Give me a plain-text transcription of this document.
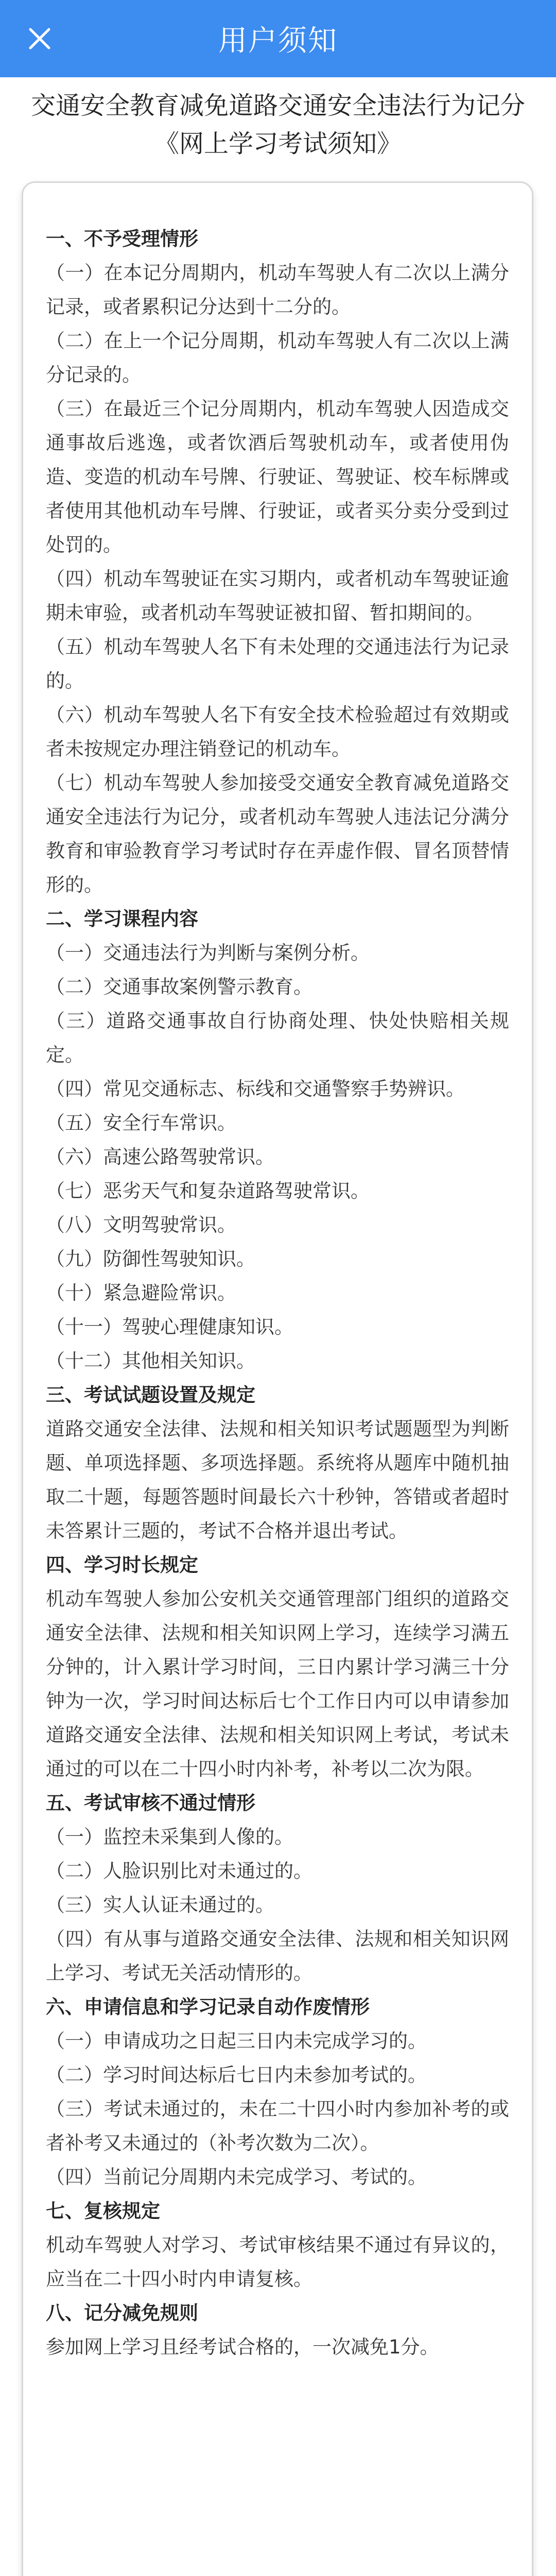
用户须知
交通安全教育减免道路交通安全违法行为记分
《网上学习考试须知》
一、不予受理情形
（一）在本记分周期内，机动车驾驶人有二次以上满分记录，或者累积记分达到十二分的。
（二）在上一个记分周期，机动车驾驶人有二次以上满分记录的。
（三）在最近三个记分周期内，机动车驾驶人因造成交通事故后逃逸，或者饮酒后驾驶机动车，或者使用伪造、变造的机动车号牌、行驶证、驾驶证、校车标牌或者使用其他机动车号牌、行驶证，或者买分卖分受到过处罚的。
（四）机动车驾驶证在实习期内，或者机动车驾驶证逾期未审验，或者机动车驾驶证被扣留、暂扣期间的。
（五）机动车驾驶人名下有未处理的交通违法行为记录的。
（六）机动车驾驶人名下有安全技术检验超过有效期或者未按规定办理注销登记的机动车。
（七）机动车驾驶人参加接受交通安全教育减免道路交通安全违法行为记分，或者机动车驾驶人违法记分满分教育和审验教育学习考试时存在弄虚作假、冒名顶替情形的。
二、学习课程内容
（一）交通违法行为判断与案例分析。
（二）交通事故案例警示教育。
（三）道路交通事故自行协商处理、快处快赔相关规定。
（四）常见交通标志、标线和交通警察手势辨识。
（五）安全行车常识。
（六）高速公路驾驶常识。
（七）恶劣天气和复杂道路驾驶常识。
（八）文明驾驶常识。
（九）防御性驾驶知识。
（十）紧急避险常识。
（十一）驾驶心理健康知识。
（十二）其他相关知识。
三、考试试题设置及规定
道路交通安全法律、法规和相关知识考试题题型为判断题、单项选择题、多项选择题。系统将从题库中随机抽取二十题，每题答题时间最长六十秒钟，答错或者超时未答累计三题的，考试不合格并退出考试。
四、学习时长规定
机动车驾驶人参加公安机关交通管理部门组织的道路交通安全法律、法规和相关知识网上学习，连续学习满五分钟的，计入累计学习时间，三日内累计学习满三十分钟为一次，学习时间达标后七个工作日内可以申请参加道路交通安全法律、法规和相关知识网上考试，考试未通过的可以在二十四小时内补考，补考以二次为限。
五、考试审核不通过情形
（一）监控未采集到人像的。
（二）人脸识别比对未通过的。
（三）实人认证未通过的。
（四）有从事与道路交通安全法律、法规和相关知识网上学习、考试无关活动情形的。
六、申请信息和学习记录自动作废情形
（一）申请成功之日起三日内未完成学习的。
（二）学习时间达标后七日内未参加考试的。
（三）考试未通过的，未在二十四小时内参加补考的或者补考又未通过的（补考次数为二次）。
（四）当前记分周期内未完成学习、考试的。
七、复核规定
机动车驾驶人对学习、考试审核结果不通过有异议的，应当在二十四小时内申请复核。
八、记分减免规则
参加网上学习且经考试合格的，一次减免1分。
